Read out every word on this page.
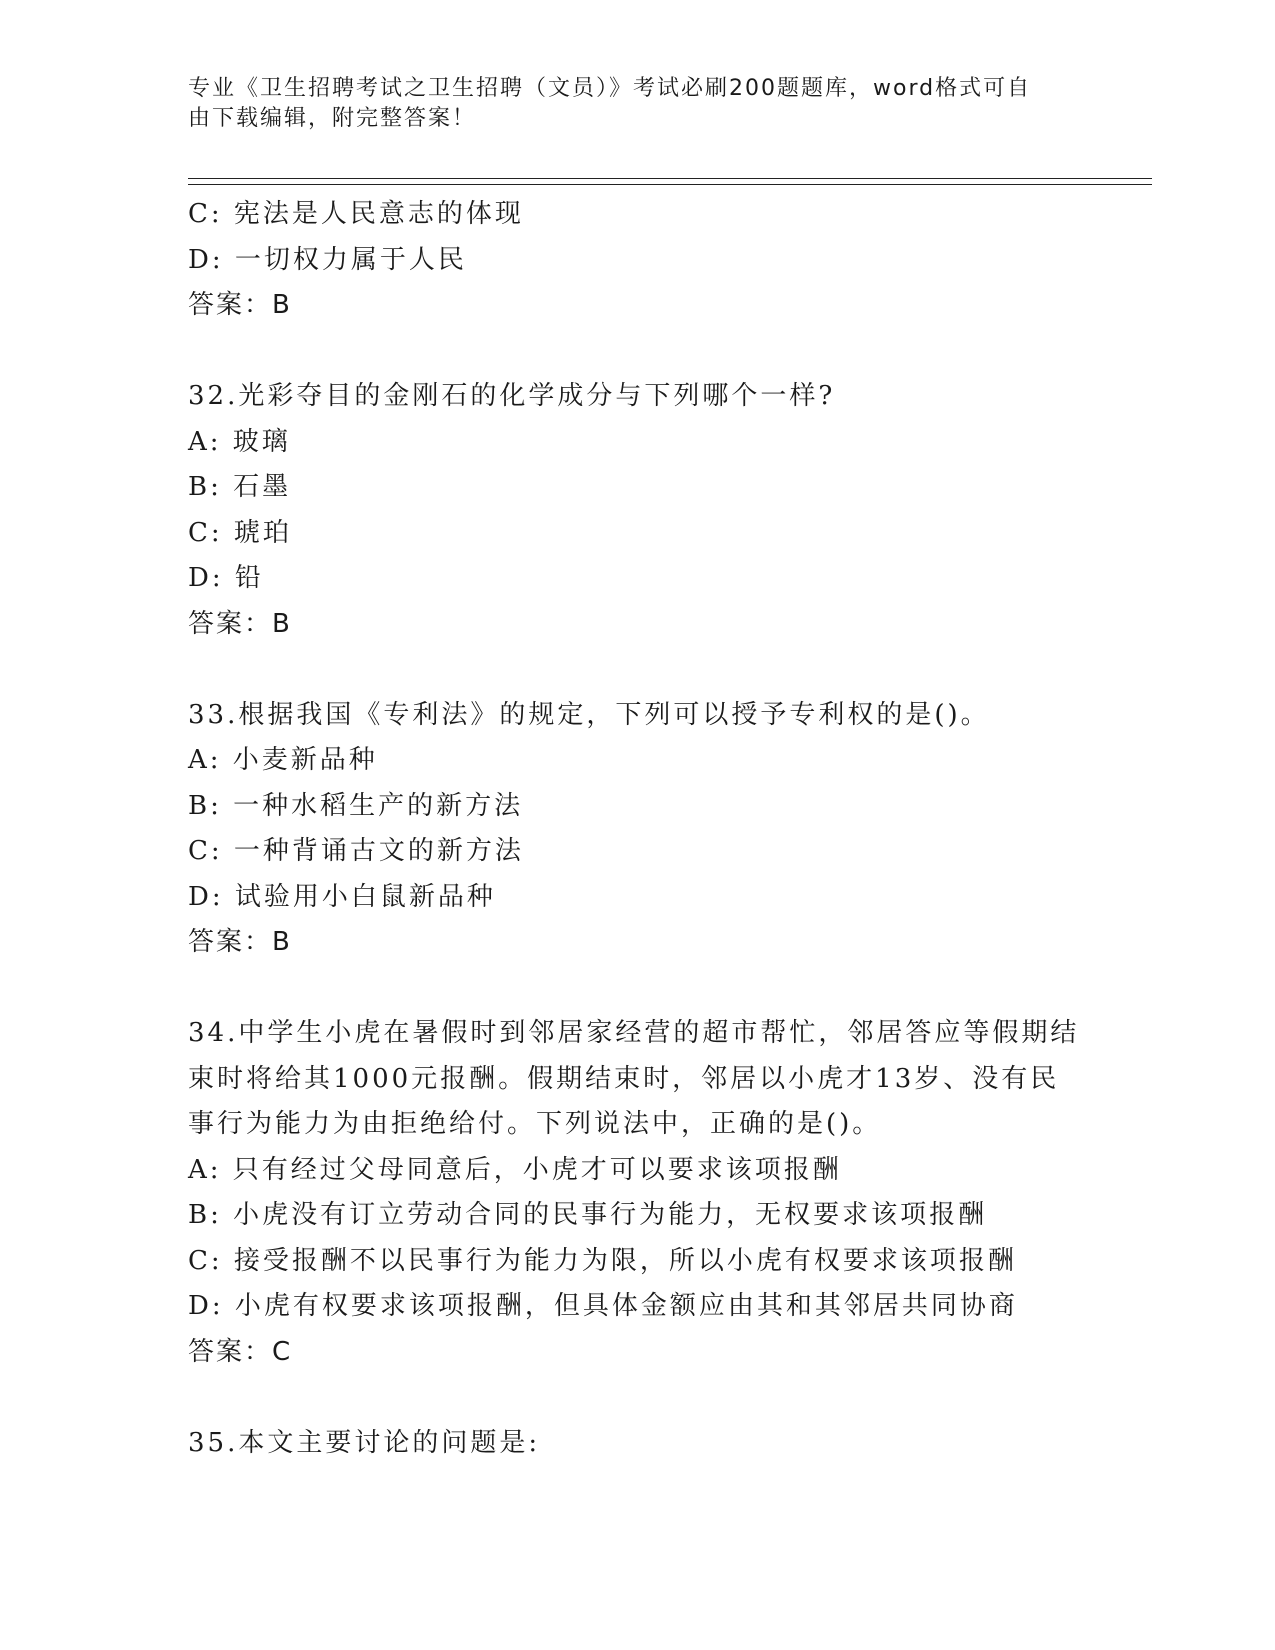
专业《卫生招聘考试之卫生招聘（文员）》考试必刷200题题库，word格式可自
由下载编辑，附完整答案！
C: 宪法是人民意志的体现
D: 一切权力属于人民
答案：B
32.光彩夺目的金刚石的化学成分与下列哪个一样?
A: 玻璃
B: 石墨
C: 琥珀
D: 铅
答案：B
33.根据我国《专利法》的规定，下列可以授予专利权的是()。
A: 小麦新品种
B: 一种水稻生产的新方法
C: 一种背诵古文的新方法
D: 试验用小白鼠新品种
答案：B
34.中学生小虎在暑假时到邻居家经营的超市帮忙，邻居答应等假期结
束时将给其1000元报酬。假期结束时，邻居以小虎才13岁、没有民
事行为能力为由拒绝给付。下列说法中，正确的是()。
A: 只有经过父母同意后，小虎才可以要求该项报酬
B: 小虎没有订立劳动合同的民事行为能力，无权要求该项报酬
C: 接受报酬不以民事行为能力为限，所以小虎有权要求该项报酬
D: 小虎有权要求该项报酬，但具体金额应由其和其邻居共同协商
答案：C
35.本文主要讨论的问题是:
